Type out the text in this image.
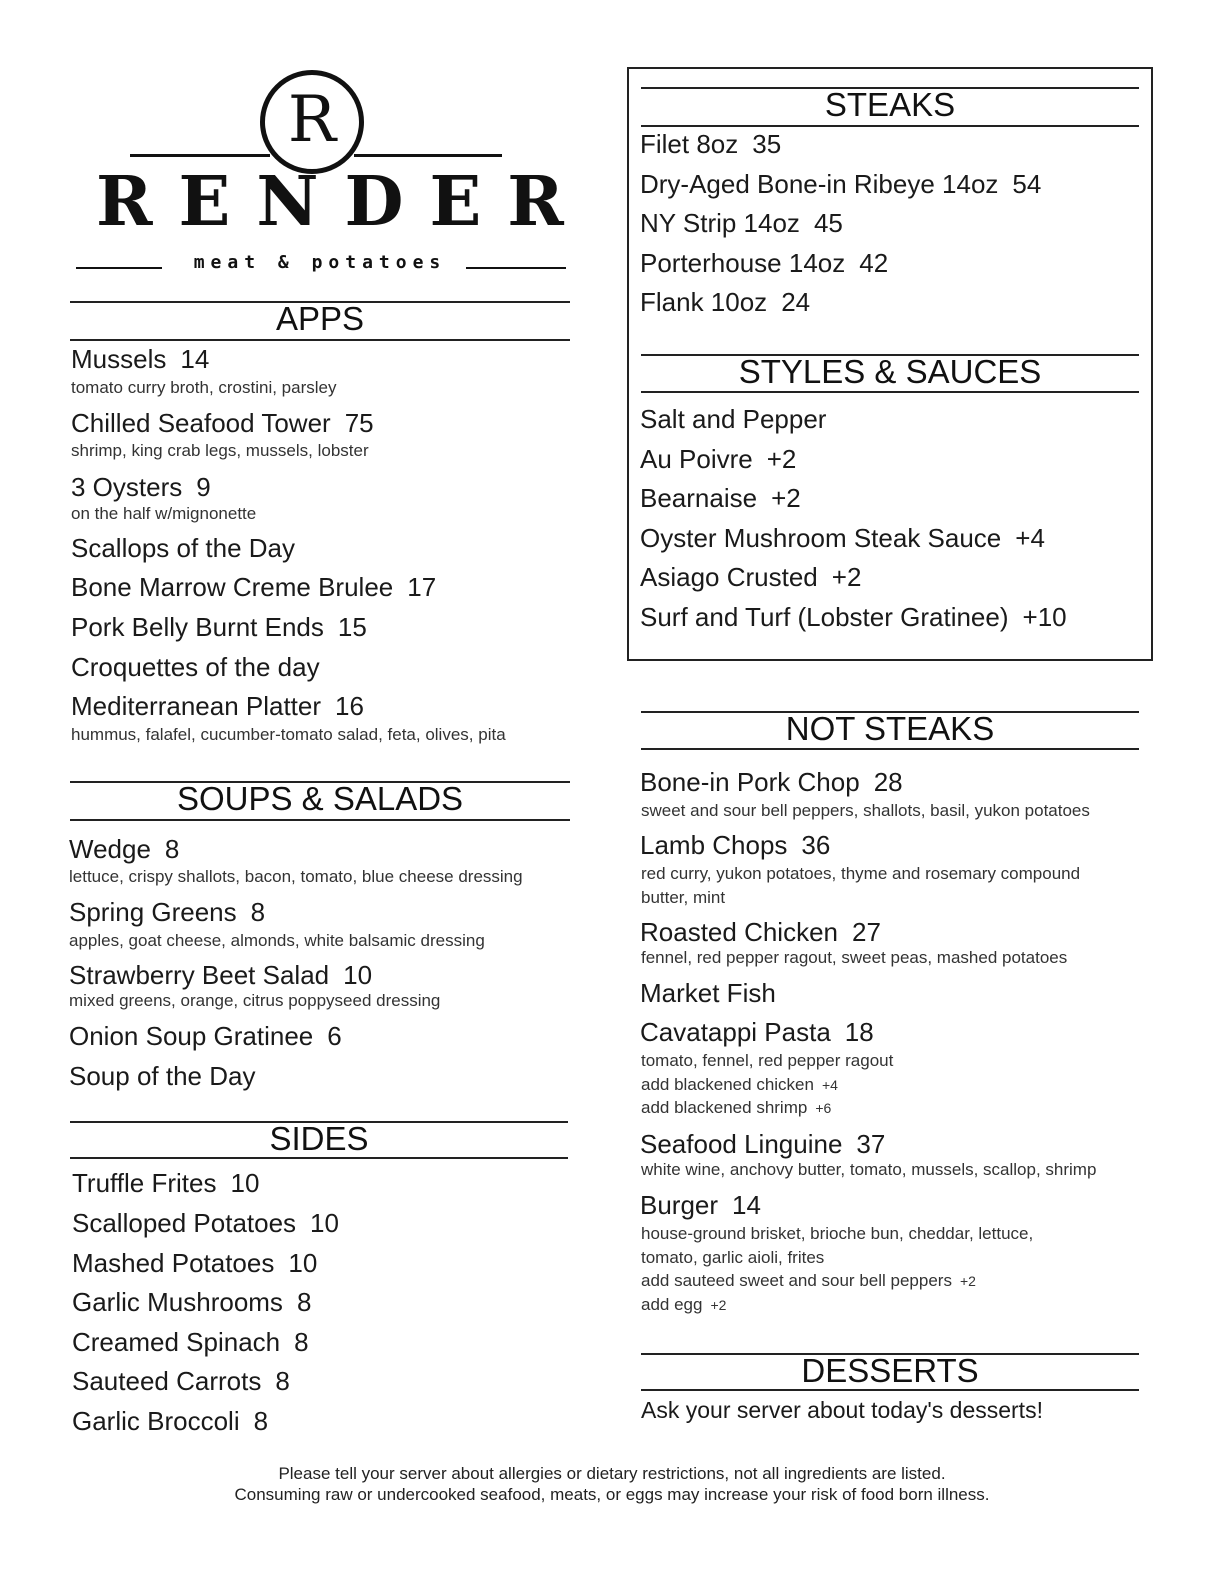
R
RENDER
meat & potatoes
APPS
SOUPS & SALADS
SIDES
STEAKS
STYLES & SAUCES
NOT STEAKS
DESSERTS
Ask your server about today's desserts!
Please tell your server about allergies or dietary restrictions, not all ingredients are listed.
Consuming raw or undercooked seafood, meats, or eggs may increase your risk of food born illness.
Mussels 14
tomato curry broth, crostini, parsley
Chilled Seafood Tower 75
shrimp, king crab legs, mussels, lobster
3 Oysters 9
on the half w/mignonette
Scallops of the Day
Bone Marrow Creme Brulee 17
Pork Belly Burnt Ends 15
Croquettes of the day
Mediterranean Platter 16
hummus, falafel, cucumber-tomato salad, feta, olives, pita
Wedge 8
lettuce, crispy shallots, bacon, tomato, blue cheese dressing
Spring Greens 8
apples, goat cheese, almonds, white balsamic dressing
Strawberry Beet Salad 10
mixed greens, orange, citrus poppyseed dressing
Onion Soup Gratinee 6
Soup of the Day
Truffle Frites 10
Scalloped Potatoes 10
Mashed Potatoes 10
Garlic Mushrooms 8
Creamed Spinach 8
Sauteed Carrots 8
Garlic Broccoli 8
Filet 8oz 35
Dry-Aged Bone-in Ribeye 14oz 54
NY Strip 14oz 45
Porterhouse 14oz 42
Flank 10oz 24
Salt and Pepper
Au Poivre +2
Bearnaise +2
Oyster Mushroom Steak Sauce +4
Asiago Crusted +2
Surf and Turf (Lobster Gratinee) +10
Bone-in Pork Chop 28
sweet and sour bell peppers, shallots, basil, yukon potatoes
Lamb Chops 36
red curry, yukon potatoes, thyme and rosemary compound
butter, mint
Roasted Chicken 27
fennel, red pepper ragout, sweet peas, mashed potatoes
Market Fish
Cavatappi Pasta 18
tomato, fennel, red pepper ragout
add blackened chicken +4
add blackened shrimp +6
Seafood Linguine 37
white wine, anchovy butter, tomato, mussels, scallop, shrimp
Burger 14
house-ground brisket, brioche bun, cheddar, lettuce,
tomato, garlic aioli, frites
add sauteed sweet and sour bell peppers +2
add egg +2
